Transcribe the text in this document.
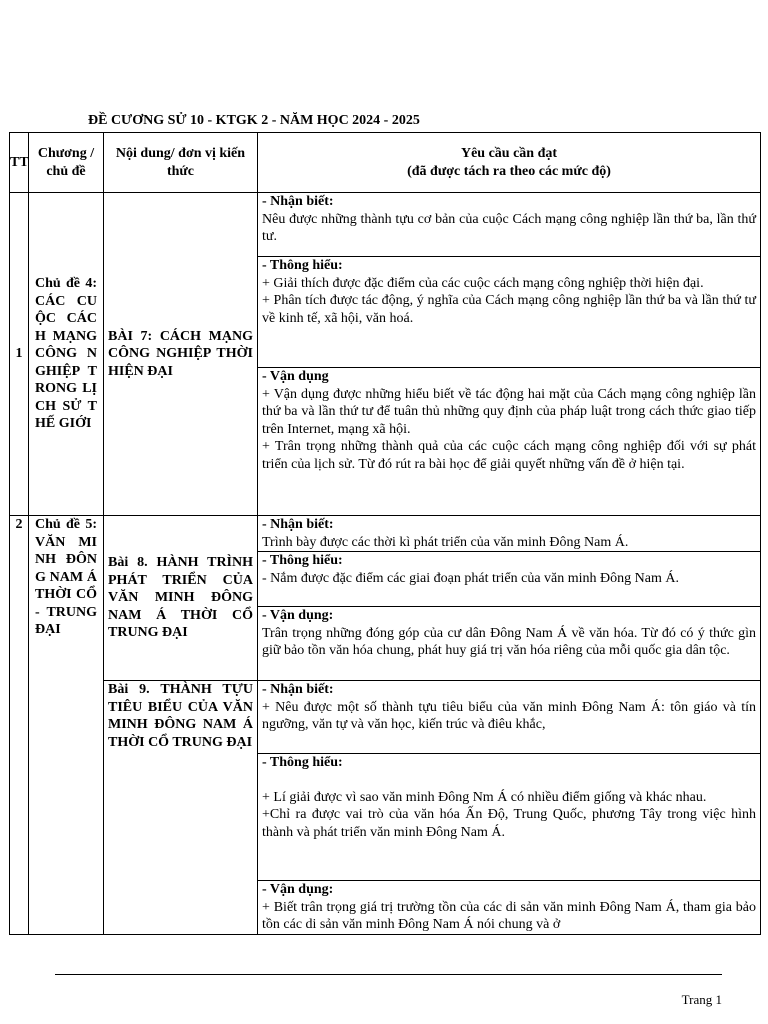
ĐỀ CƯƠNG SỬ 10 - KTGK 2 - NĂM HỌC 2024 - 2025
TT	Chương / chủ đề	Nội dung/ đơn vị kiến thức	Yêu cầu cần đạt
(đã được tách ra theo các mức độ)

1	Chủ đề 4: CÁC CUỘC CÁCH MẠNG CÔNG NGHIỆP TRONG LỊCH SỬ THẾ GIỚI	BÀI 7: CÁCH MẠNG CÔNG NGHIỆP THỜI HIỆN ĐẠI	- Nhận biết:
Nêu được những thành tựu cơ bản của cuộc Cách mạng công nghiệp lần thứ ba, lần thứ tư.

			- Thông hiểu:
+ Giải thích được đặc điểm của các cuộc cách mạng công nghiệp thời hiện đại.
+ Phân tích được tác động, ý nghĩa của Cách mạng công nghiệp lần thứ ba và lần thứ tư về kinh tế, xã hội, văn hoá.

			- Vận dụng
+ Vận dụng được những hiểu biết về tác động hai mặt của Cách mạng công nghiệp lần thứ ba và lần thứ tư để tuân thủ những quy định của pháp luật trong cách thức giao tiếp trên Internet, mạng xã hội.
+ Trân trọng những thành quả của các cuộc cách mạng công nghiệp đối với sự phát triển của lịch sử. Từ đó rút ra bài học để giải quyết những vấn đề ở hiện tại.

2	Chủ đề 5: VĂN MINH ĐÔNG NAM Á THỜI CỔ - TRUNG ĐẠI	Bài 8. HÀNH TRÌNH PHÁT TRIỂN CỦA VĂN MINH ĐÔNG NAM Á THỜI CỔ TRUNG ĐẠI	- Nhận biết:
Trình bày được các thời kì phát triển của văn minh Đông Nam Á.

			- Thông hiểu:
- Nắm được đặc điểm các giai đoạn phát triển của văn minh Đông Nam Á.

			- Vận dụng:
Trân trọng những đóng góp của cư dân Đông Nam Á về văn hóa. Từ đó có ý thức gìn giữ bảo tồn văn hóa chung, phát huy giá trị văn hóa riêng của mỗi quốc gia dân tộc.

		Bài 9. THÀNH TỰU TIÊU BIỂU CỦA VĂN MINH ĐÔNG NAM Á THỜI CỔ TRUNG ĐẠI	- Nhận biết:
+ Nêu được một số thành tựu tiêu biểu của văn minh Đông Nam Á: tôn giáo và tín ngưỡng, văn tự và văn học, kiến trúc và điêu khắc,

			- Thông hiểu:
+ Lí giải được vì sao văn minh Đông Nm Á có nhiều điểm giống và khác nhau.
+Chỉ ra được vai trò của văn hóa Ấn Độ, Trung Quốc, phương Tây trong việc hình thành và phát triển văn minh Đông Nam Á.

			- Vận dụng:
+ Biết trân trọng giá trị trường tồn của các di sản văn minh Đông Nam Á, tham gia bảo tồn các di sản văn minh Đông Nam Á nói chung và ở
Trang 1
